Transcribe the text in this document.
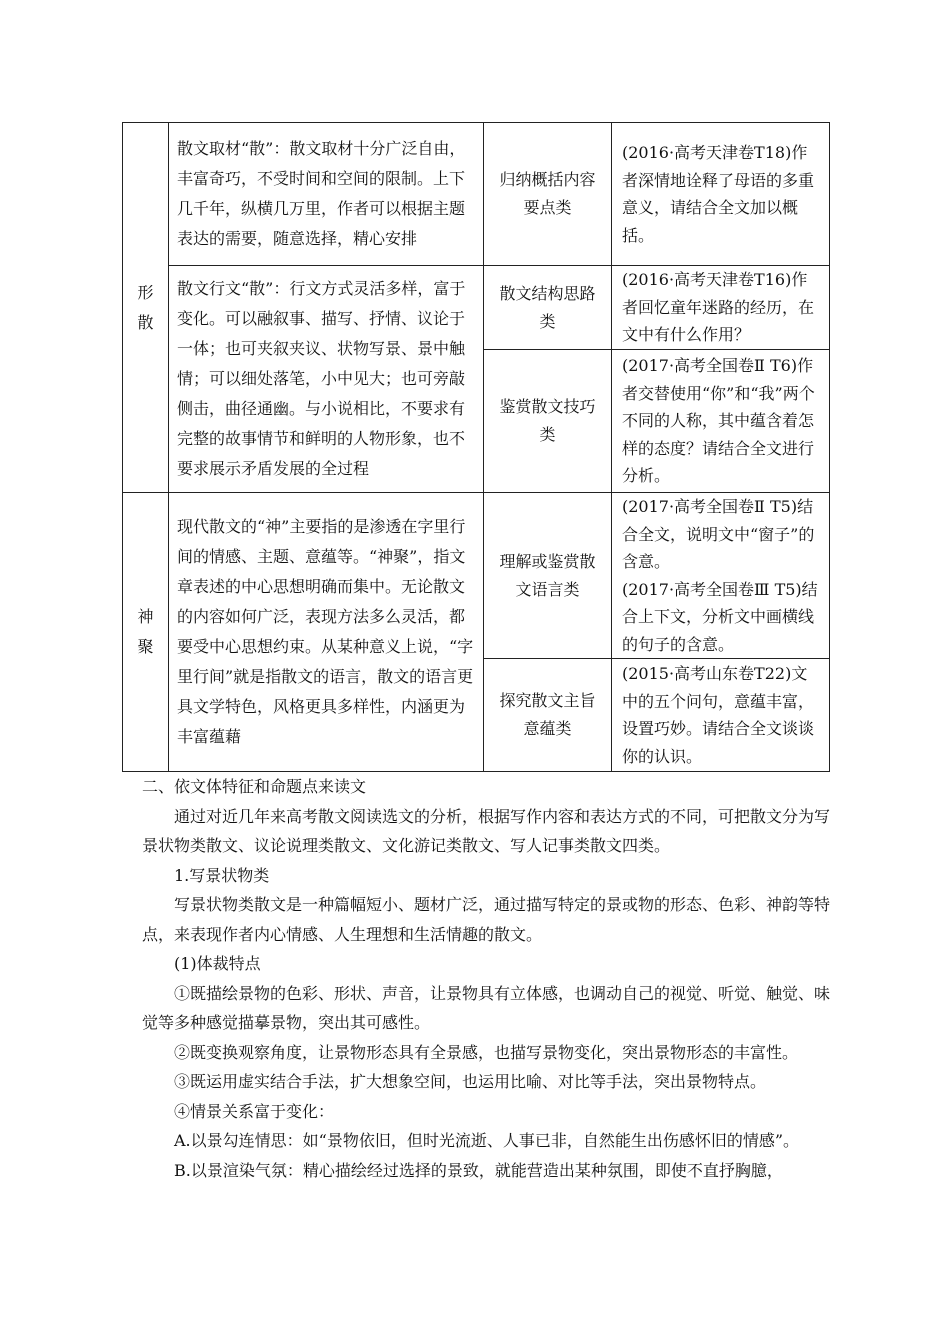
形散	散文取材“散”：散文取材十分广泛自由，丰富奇巧，不受时间和空间的限制。上下几千年，纵横几万里，作者可以根据主题表达的需要，随意选择，精心安排	归纳概括内容要点类	(2016·高考天津卷T18)作者深情地诠释了母语的多重意义，请结合全文加以概括。

	散文行文“散”：行文方式灵活多样，富于变化。可以融叙事、描写、抒情、议论于一体；也可夹叙夹议、状物写景、景中触情；可以细处落笔，小中见大；也可旁敲侧击，曲径通幽。与小说相比，不要求有完整的故事情节和鲜明的人物形象，也不要求展示矛盾发展的全过程	散文结构思路类	(2016·高考天津卷T16)作者回忆童年迷路的经历，在文中有什么作用？

		鉴赏散文技巧类	(2017·高考全国卷Ⅱ T6)作者交替使用“你”和“我”两个不同的人称，其中蕴含着怎样的态度？请结合全文进行分析。

神聚	现代散文的“神”主要指的是渗透在字里行间的情感、主题、意蕴等。“神聚”，指文章表述的中心思想明确而集中。无论散文的内容如何广泛，表现方法多么灵活，都要受中心思想约束。从某种意义上说，“字里行间”就是指散文的语言，散文的语言更具文学特色，风格更具多样性，内涵更为丰富蕴藉	理解或鉴赏散文语言类	(2017·高考全国卷Ⅱ T5)结合全文，说明文中“窗子”的含意。
(2017·高考全国卷Ⅲ T5)结合上下文，分析文中画横线的句子的含意。

		探究散文主旨意蕴类	(2015·高考山东卷T22)文中的五个问句，意蕴丰富，设置巧妙。请结合全文谈谈你的认识。

二、依文体特征和命题点来读文

通过对近几年来高考散文阅读选文的分析，根据写作内容和表达方式的不同，可把散文分为写景状物类散文、议论说理类散文、文化游记类散文、写人记事类散文四类。

1.写景状物类

写景状物类散文是一种篇幅短小、题材广泛，通过描写特定的景或物的形态、色彩、神韵等特点，来表现作者内心情感、人生理想和生活情趣的散文。

(1)体裁特点

①既描绘景物的色彩、形状、声音，让景物具有立体感，也调动自己的视觉、听觉、触觉、味觉等多种感觉描摹景物，突出其可感性。

②既变换观察角度，让景物形态具有全景感，也描写景物变化，突出景物形态的丰富性。

③既运用虚实结合手法，扩大想象空间，也运用比喻、对比等手法，突出景物特点。

④情景关系富于变化：

A.以景勾连情思：如“景物依旧，但时光流逝、人事已非，自然能生出伤感怀旧的情感”。

B.以景渲染气氛：精心描绘经过选择的景致，就能营造出某种氛围，即使不直抒胸臆，
